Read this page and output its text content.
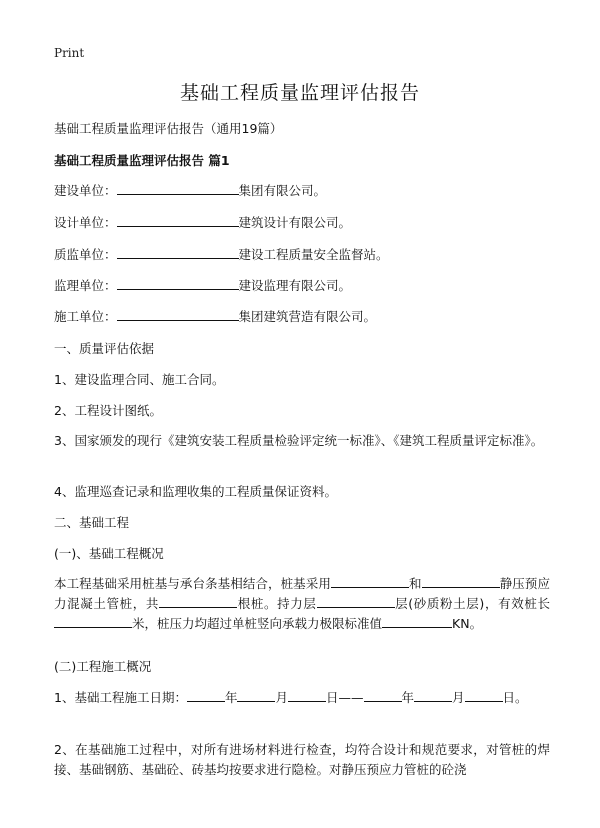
Print
基础工程质量监理评估报告
基础工程质量监理评估报告（通用19篇）
基础工程质量监理评估报告 篇1
建设单位：	集团有限公司。
设计单位：	建筑设计有限公司。
质监单位：	建设工程质量安全监督站。
监理单位：	建设监理有限公司。
施工单位：	集团建筑营造有限公司。
一、质量评估依据
1、建设监理合同、施工合同。
2、工程设计图纸。
3、国家颁发的现行《建筑安装工程质量检验评定统一标准》、《建筑工程质量评定标准》。
4、监理巡查记录和监理收集的工程质量保证资料。
二、基础工程
(一)、基础工程概况
本工程基础采用桩基与承台条基相结合，桩基采用	和	静压预应力混凝土管桩，共	根桩。持力层	层(砂质粉土层)，有效桩长米，桩压力均超过单桩竖向承载力极限标准值	KN。
(二)工程施工概况
1、基础工程施工日期：	年	月	日——	年	月	日。
2、在基础施工过程中，对所有进场材料进行检查，均符合设计和规范要求，对管桩的焊接、基础钢筋、基础砼、砖基均按要求进行隐检。对静压预应力管桩的砼浇
